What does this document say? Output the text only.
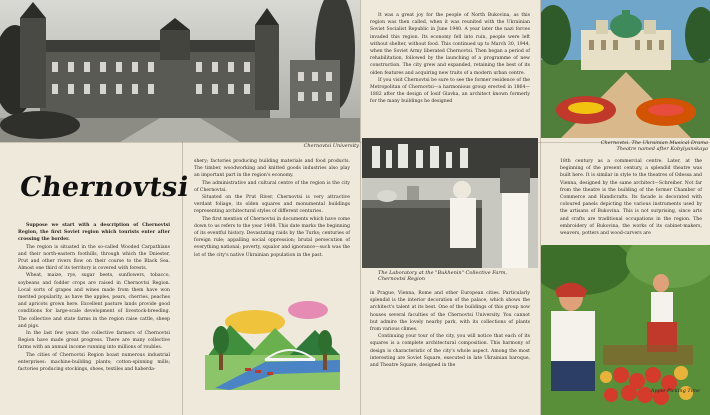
Chernovtsi University
Chernovtsi

Suppose we start with a description of Chernovtsi Region, the first Soviet region which tourists enter after crossing the border.

The region is situated in the so-called Wooded Carpathians and their north-eastern foothills, through which the Dniester, Prut and other rivers flow on their course to the Black Sea. Almost one third of its territory is covered with forests.

Wheat, maize, rye, sugar beets, sunflowers, tobacco, soybeans and fodder crops are raised in Chernovtsi Region. Local sorts of grapes and wines made from them have won merited popularity, as have the apples, pears, cherries, peaches and apricots grown here. Excellent pasture lands provide good conditions for large-scale development of livestock-breeding. The collective and state farms in the region raise cattle, sheep and pigs.

In the last few years the collective farmers of Chernovtsi Region have made great progress. There are many collective farms with an annual income running into millions of roubles.

The cities of Chernovtsi Region boast numerous industrial enterprises: machine-building plants; cotton-spinning mills; factories producing stockings, shoes, textiles and haberda-

shery; factories producing building materials and food products. The timber, woodworking and knitted goods industries also play an important part in the region's economy.

The administrative and cultural centre of the region is the city of Chernovtsi.

Situated on the Prut River, Chernovtsi is very attractive verdant foliage, its olden squares and monumental buildings representing architectural styles of different centuries.

The first mention of Chernovtsi in documents which have come down to us refers to the year 1408. This date marks the beginning of its eventful history. Devastating raids by the Turks; centuries of foreign rule; appalling social oppression; brutal persecution of everything national; poverty, squalor and ignorance—such was the lot of the city's native Ukrainian population in the past.

It was a great joy for the people of North Bukovina, as this region was then called, when it was reunited with the Ukrainian Soviet Socialist Republic in June 1940. A year later the nazi forces invaded this region. Its economy fell into ruin, people were left without shelter, without food. This continued up to March 30, 1944, when the Soviet Army liberated Chernovtsi. Then began a period of rehabilitation, followed by the launching of a programme of new construction. The city grew and expanded, retaining the best of its olden features and acquiring new traits of a modern urban centre.

If you visit Chernovtsi be sure to see the former residence of the Metropolitan of Chernovtsi—a harmonious group erected in 1864—1882 after the design of Iosif Glavka, an architect known formerly for the many buildings he designed

The Laboratory at the "Bukhenin" Collective Farm, Chernovtsi Region

in Prague, Vienna, Rome and other European cities. Particularly splendid is the interior decoration of the palace, which shows the architect's talent at its best. One of the buildings of this group now houses several faculties of the Chernovtsi University. You cannot but admire the lovely nearby park, with its collections of plants from various climes.

Continuing your tour of the city, you will notice that each of its squares is a complete architectural composition. This harmony of design is characteristic of the city's whole aspect. Among the most interesting are Soviet Square, executed in late Ukrainian baroque, and Theatre Square, designed in the

Chernovtsi. The Ukrainian Musical Drama Theatre named after Kobylyanskaya

18th century as a commercial centre. Later, at the beginning of the present century, a splendid theatre was built here. It is similar in style to the theatres of Odessa and Vienna, designed by the same architect—Schreiber. Not far from the theatre is the building of the former Chamber of Commerce and Handicrafts. Its facade is decorated with coloured panels depicting the various instruments used by the artisans of Bukovina. This is not surprising, since arts and crafts are traditional occupations in the region. The embroidery of Bukovina, the works of its cabinet-makers, weavers, potters and wood-carvers are

Apple-Picking Time
